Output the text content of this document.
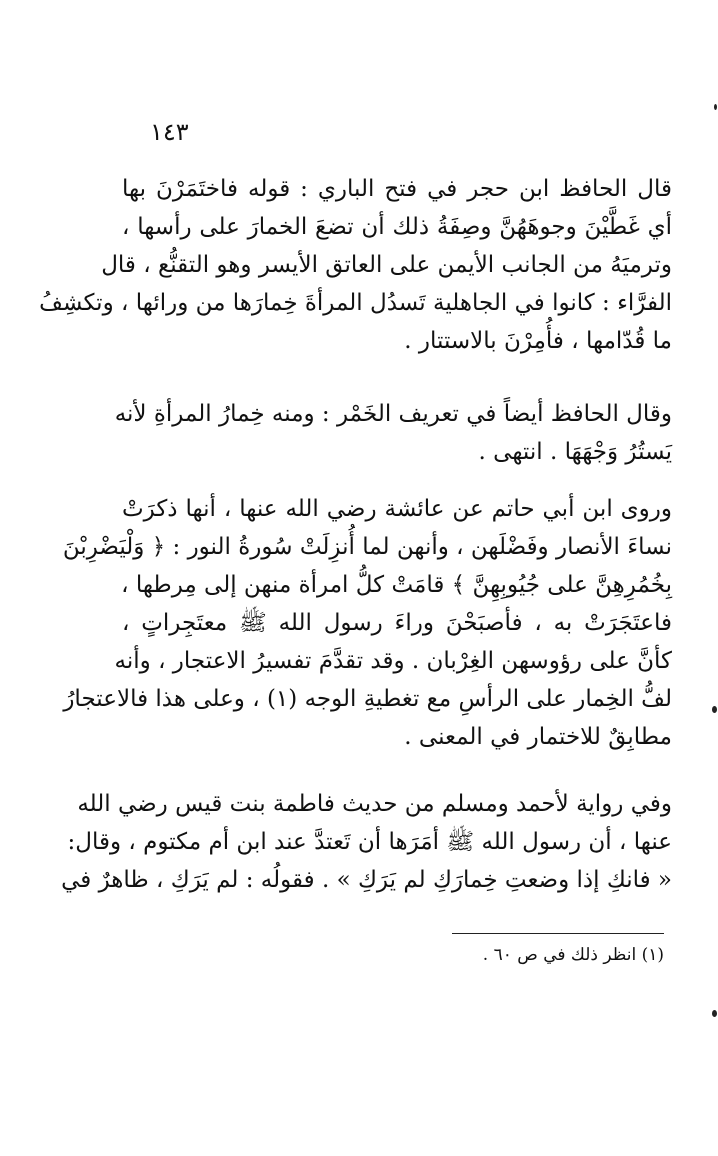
١٤٣
قال الحافظ ابن حجر في فتح الباري : قوله فاختَمَرْنَ بها
أي غَطَّيْنَ وجوهَهُنَّ وصِفَةُ ذلك أن تضعَ الخمارَ على رأسها ،
وترميَهُ من الجانب الأيمن على العاتق الأيسر وهو التقنُّع ، قال
الفرَّاء : كانوا في الجاهلية تَسدُل المرأةَ خِمارَها من ورائها ، وتكشِفُ
ما قُدّامها ، فأُمِرْنَ بالاستتار .
وقال الحافظ أيضاً في تعريف الخَمْر : ومنه خِمارُ المرأةِ لأنه
يَستُرُ وَجْهَهَا . انتهى .
وروى ابن أبي حاتم عن عائشة رضي الله عنها ، أنها ذكرَتْ
نساءَ الأنصار وفَضْلَهن ، وأنهن لما أُنزِلَتْ سُورةُ النور : ﴿ وَلْيَضْرِبْنَ
بِخُمُرِهِنَّ على جُيُوبِهِنَّ ﴾ قامَتْ كلُّ امرأة منهن إلى مِرطها ،
فاعتَجَرَتْ به ، فأصبَحْنَ وراءَ رسول الله ﷺ معتَجِراتٍ ،
كأنَّ على رؤوسهن الغِرْبان . وقد تقدَّمَ تفسيرُ الاعتجار ، وأنه
لفُّ الخِمار على الرأسِ مع تغطيةِ الوجه (١) ، وعلى هذا فالاعتجارُ
مطابِقٌ للاختمار في المعنى .
وفي رواية لأحمد ومسلم من حديث فاطمة بنت قيس رضي الله
عنها ، أن رسول الله ﷺ أمَرَها أن تَعتدَّ عند ابن أم مكتوم ، وقال:
« فانكِ إذا وضعتِ خِمارَكِ لم يَرَكِ » . فقولُه : لم يَرَكِ ، ظاهرٌ في
(١) انظر ذلك في ص ٦٠ .
